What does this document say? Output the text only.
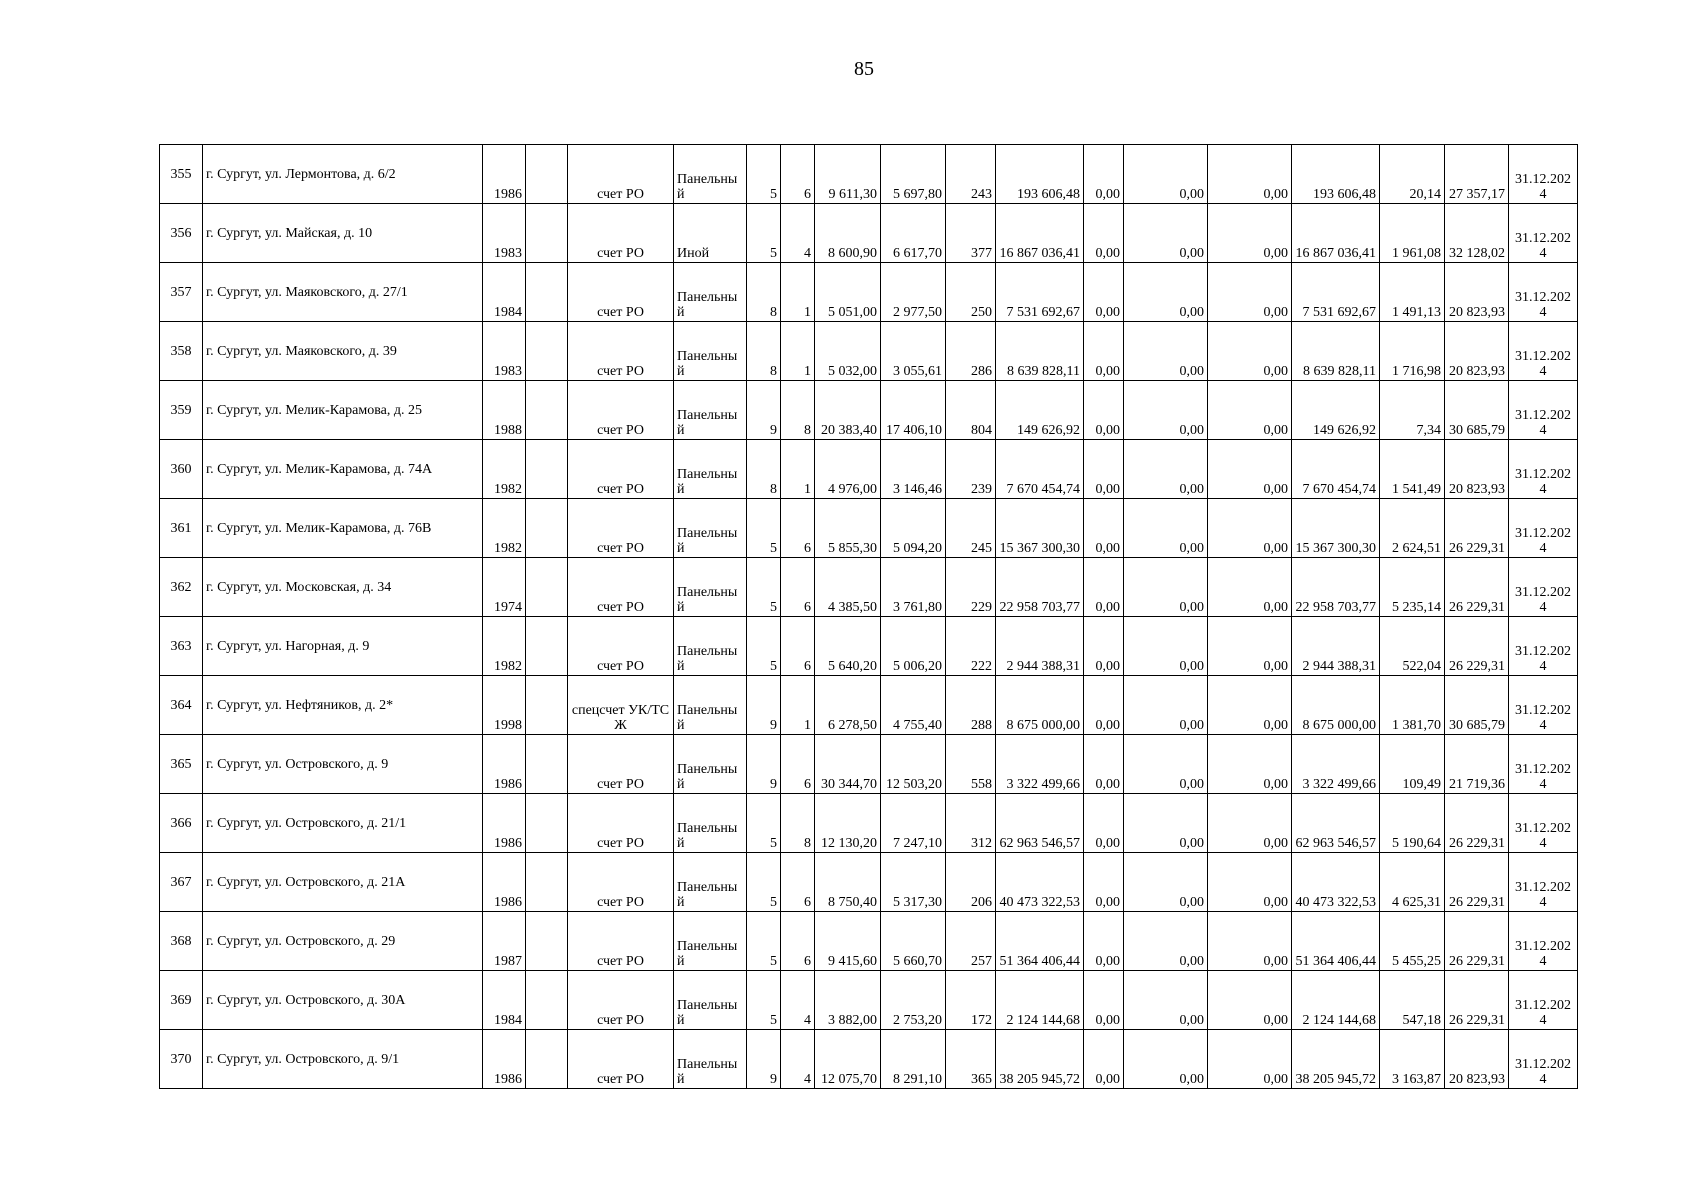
85
355	г. Сургут, ул. Лермонтова, д. 6/2	1986		счет РО	Панельный	5	6	9 611,30	5 697,80	243	193 606,48	0,00	0,00	0,00	193 606,48	20,14	27 357,17	31.12.2024
356	г. Сургут, ул. Майская, д. 10	1983		счет РО	Иной	5	4	8 600,90	6 617,70	377	16 867 036,41	0,00	0,00	0,00	16 867 036,41	1 961,08	32 128,02	31.12.2024
357	г. Сургут, ул. Маяковского, д. 27/1	1984		счет РО	Панельный	8	1	5 051,00	2 977,50	250	7 531 692,67	0,00	0,00	0,00	7 531 692,67	1 491,13	20 823,93	31.12.2024
358	г. Сургут, ул. Маяковского, д. 39	1983		счет РО	Панельный	8	1	5 032,00	3 055,61	286	8 639 828,11	0,00	0,00	0,00	8 639 828,11	1 716,98	20 823,93	31.12.2024
359	г. Сургут, ул. Мелик-Карамова, д. 25	1988		счет РО	Панельный	9	8	20 383,40	17 406,10	804	149 626,92	0,00	0,00	0,00	149 626,92	7,34	30 685,79	31.12.2024
360	г. Сургут, ул. Мелик-Карамова, д. 74А	1982		счет РО	Панельный	8	1	4 976,00	3 146,46	239	7 670 454,74	0,00	0,00	0,00	7 670 454,74	1 541,49	20 823,93	31.12.2024
361	г. Сургут, ул. Мелик-Карамова, д. 76В	1982		счет РО	Панельный	5	6	5 855,30	5 094,20	245	15 367 300,30	0,00	0,00	0,00	15 367 300,30	2 624,51	26 229,31	31.12.2024
362	г. Сургут, ул. Московская, д. 34	1974		счет РО	Панельный	5	6	4 385,50	3 761,80	229	22 958 703,77	0,00	0,00	0,00	22 958 703,77	5 235,14	26 229,31	31.12.2024
363	г. Сургут, ул. Нагорная, д. 9	1982		счет РО	Панельный	5	6	5 640,20	5 006,20	222	2 944 388,31	0,00	0,00	0,00	2 944 388,31	522,04	26 229,31	31.12.2024
364	г. Сургут, ул. Нефтяников, д. 2*	1998		спецсчет УК/ТСЖ	Панельный	9	1	6 278,50	4 755,40	288	8 675 000,00	0,00	0,00	0,00	8 675 000,00	1 381,70	30 685,79	31.12.2024
365	г. Сургут, ул. Островского, д. 9	1986		счет РО	Панельный	9	6	30 344,70	12 503,20	558	3 322 499,66	0,00	0,00	0,00	3 322 499,66	109,49	21 719,36	31.12.2024
366	г. Сургут, ул. Островского, д. 21/1	1986		счет РО	Панельный	5	8	12 130,20	7 247,10	312	62 963 546,57	0,00	0,00	0,00	62 963 546,57	5 190,64	26 229,31	31.12.2024
367	г. Сургут, ул. Островского, д. 21А	1986		счет РО	Панельный	5	6	8 750,40	5 317,30	206	40 473 322,53	0,00	0,00	0,00	40 473 322,53	4 625,31	26 229,31	31.12.2024
368	г. Сургут, ул. Островского, д. 29	1987		счет РО	Панельный	5	6	9 415,60	5 660,70	257	51 364 406,44	0,00	0,00	0,00	51 364 406,44	5 455,25	26 229,31	31.12.2024
369	г. Сургут, ул. Островского, д. 30А	1984		счет РО	Панельный	5	4	3 882,00	2 753,20	172	2 124 144,68	0,00	0,00	0,00	2 124 144,68	547,18	26 229,31	31.12.2024
370	г. Сургут, ул. Островского, д. 9/1	1986		счет РО	Панельный	9	4	12 075,70	8 291,10	365	38 205 945,72	0,00	0,00	0,00	38 205 945,72	3 163,87	20 823,93	31.12.2024
